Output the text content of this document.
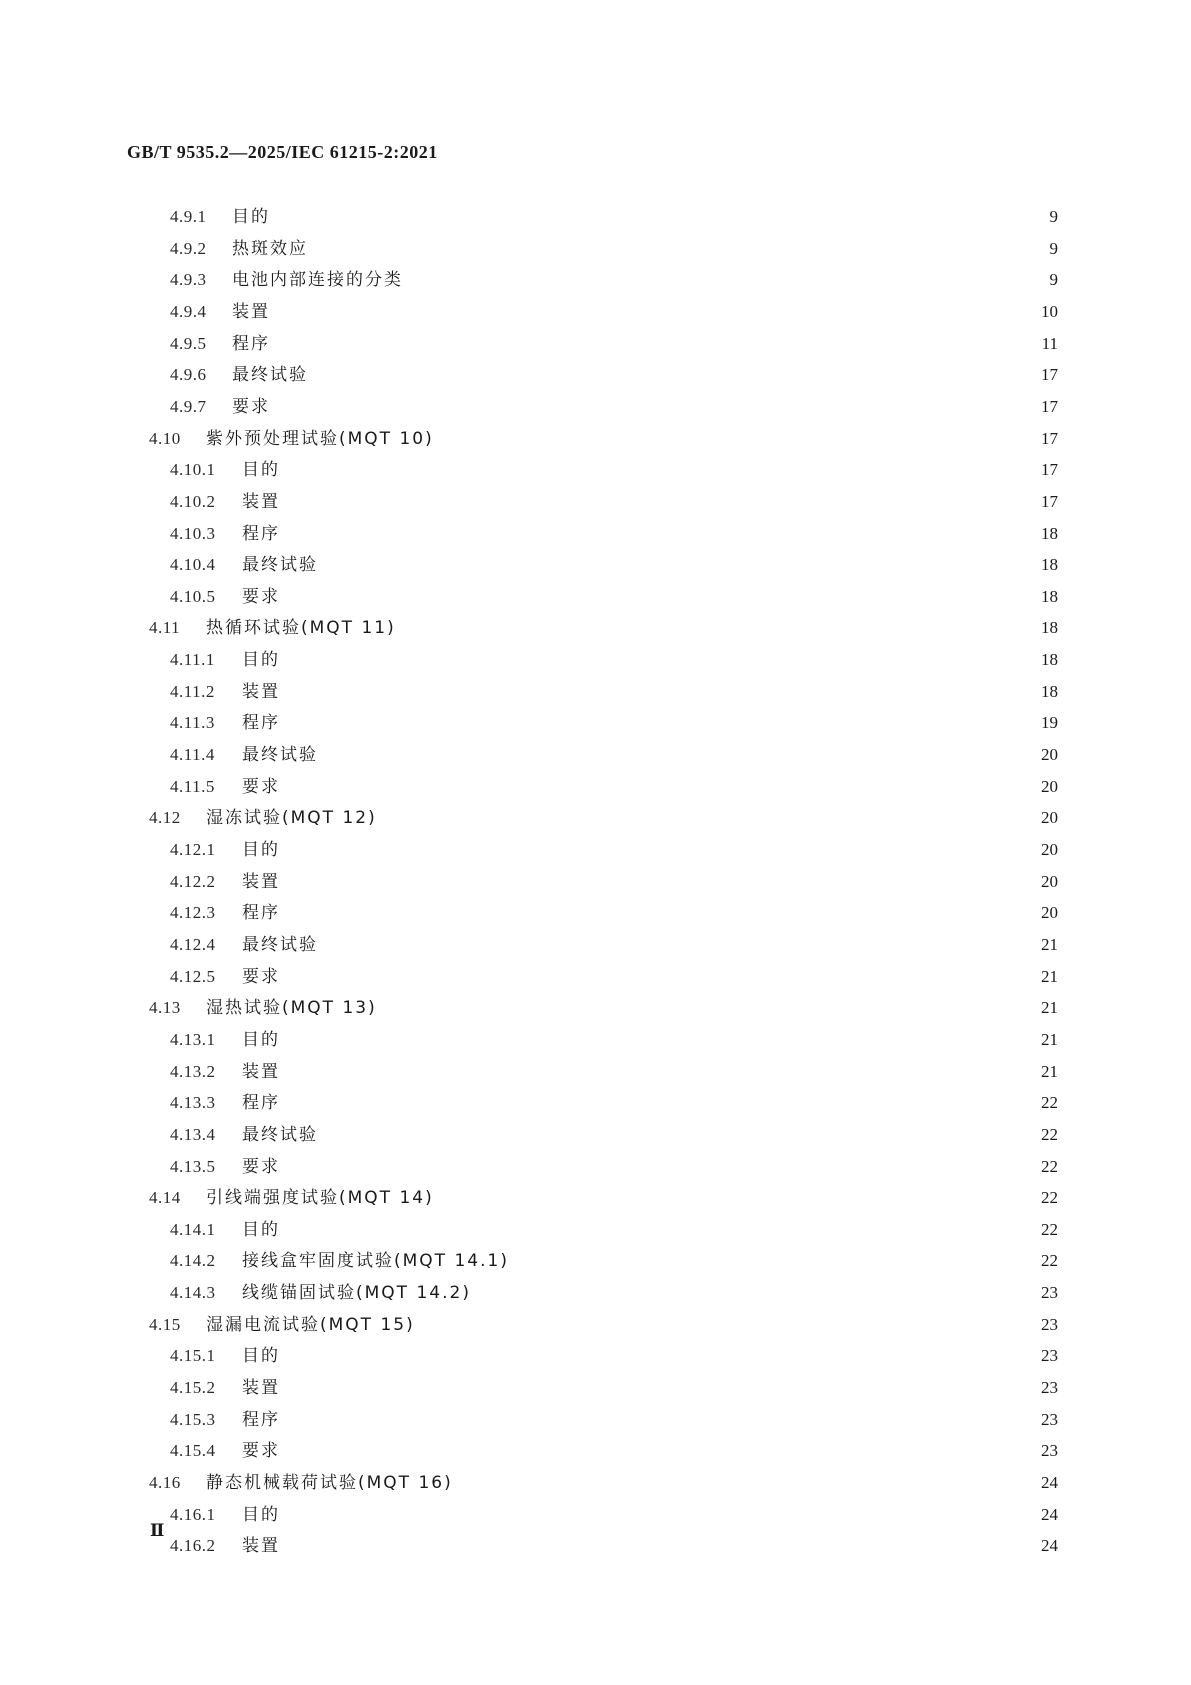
GB/T 9535.2—2025/IEC 61215-2:2021
4.9.1	目的	9
4.9.2	热斑效应	9
4.9.3	电池内部连接的分类	9
4.9.4	装置	10
4.9.5	程序	11
4.9.6	最终试验	17
4.9.7	要求	17
4.10	紫外预处理试验(MQT 10)	17
4.10.1	目的	17
4.10.2	装置	17
4.10.3	程序	18
4.10.4	最终试验	18
4.10.5	要求	18
4.11	热循环试验(MQT 11)	18
4.11.1	目的	18
4.11.2	装置	18
4.11.3	程序	19
4.11.4	最终试验	20
4.11.5	要求	20
4.12	湿冻试验(MQT 12)	20
4.12.1	目的	20
4.12.2	装置	20
4.12.3	程序	20
4.12.4	最终试验	21
4.12.5	要求	21
4.13	湿热试验(MQT 13)	21
4.13.1	目的	21
4.13.2	装置	21
4.13.3	程序	22
4.13.4	最终试验	22
4.13.5	要求	22
4.14	引线端强度试验(MQT 14)	22
4.14.1	目的	22
4.14.2	接线盒牢固度试验(MQT 14.1)	22
4.14.3	线缆锚固试验(MQT 14.2)	23
4.15	湿漏电流试验(MQT 15)	23
4.15.1	目的	23
4.15.2	装置	23
4.15.3	程序	23
4.15.4	要求	23
4.16	静态机械载荷试验(MQT 16)	24
4.16.1	目的	24
4.16.2	装置	24
Ⅱ
